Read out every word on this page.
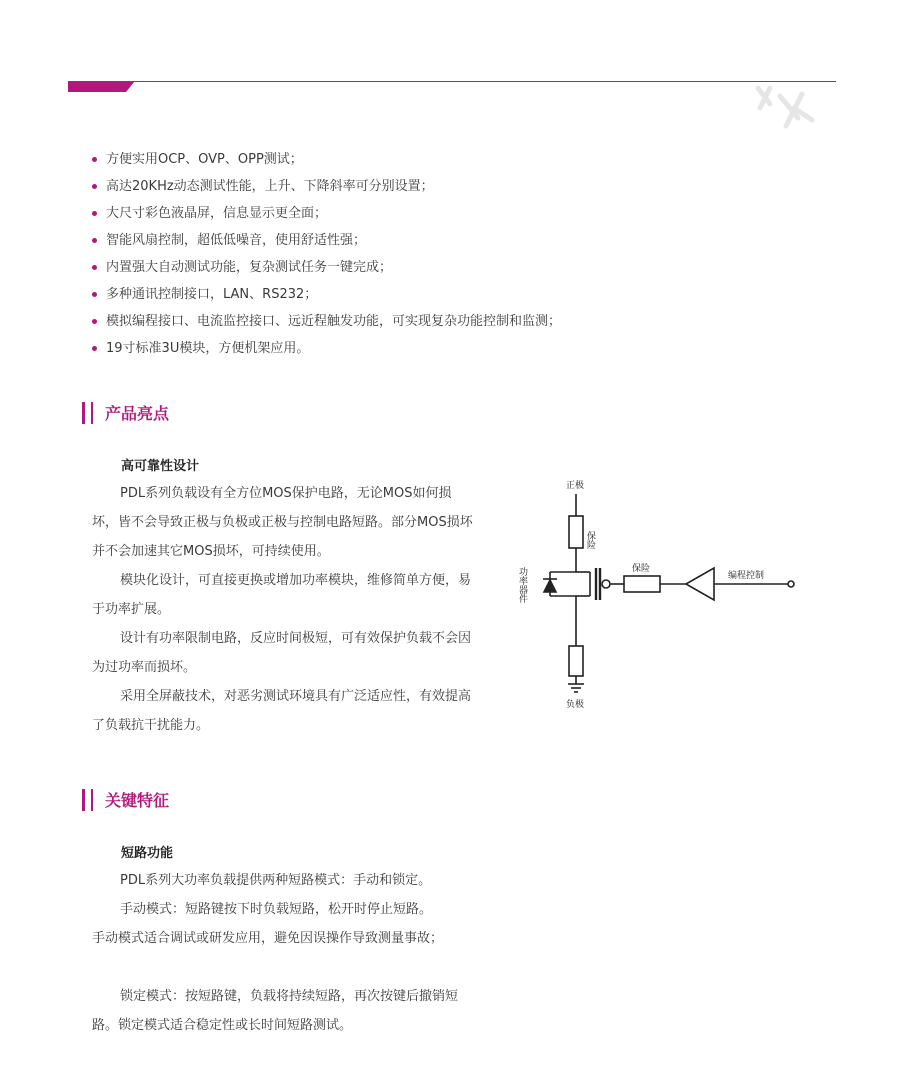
方便实用OCP、OVP、OPP测试；
高达20KHz动态测试性能，上升、下降斜率可分别设置；
大尺寸彩色液晶屏，信息显示更全面；
智能风扇控制，超低低噪音，使用舒适性强；
内置强大自动测试功能，复杂测试任务一键完成；
多种通讯控制接口，LAN、RS232；
模拟编程接口、电流监控接口、远近程触发功能，可实现复杂功能控制和监测；
19寸标准3U模块，方便机架应用。
产品亮点
高可靠性设计

PDL系列负载设有全方位MOS保护电路，无论MOS如何损坏，皆不会导致正极与负极或正极与控制电路短路。部分MOS损坏并不会加速其它MOS损坏，可持续使用。

模块化设计，可直接更换或增加功率模块，维修简单方便，易于功率扩展。

设计有功率限制电路，反应时间极短，可有效保护负载不会因为过功率而损坏。

采用全屏蔽技术，对恶劣测试环境具有广泛适应性，有效提高了负载抗干扰能力。

正极
保险
保险
功率器件	编程控制
负极
关键特征
短路功能

PDL系列大功率负载提供两种短路模式：手动和锁定。

手动模式：短路键按下时负载短路，松开时停止短路。

手动模式适合调试或研发应用，避免因误操作导致测量事故；

锁定模式：按短路键，负载将持续短路，再次按键后撤销短路。锁定模式适合稳定性或长时间短路测试。
